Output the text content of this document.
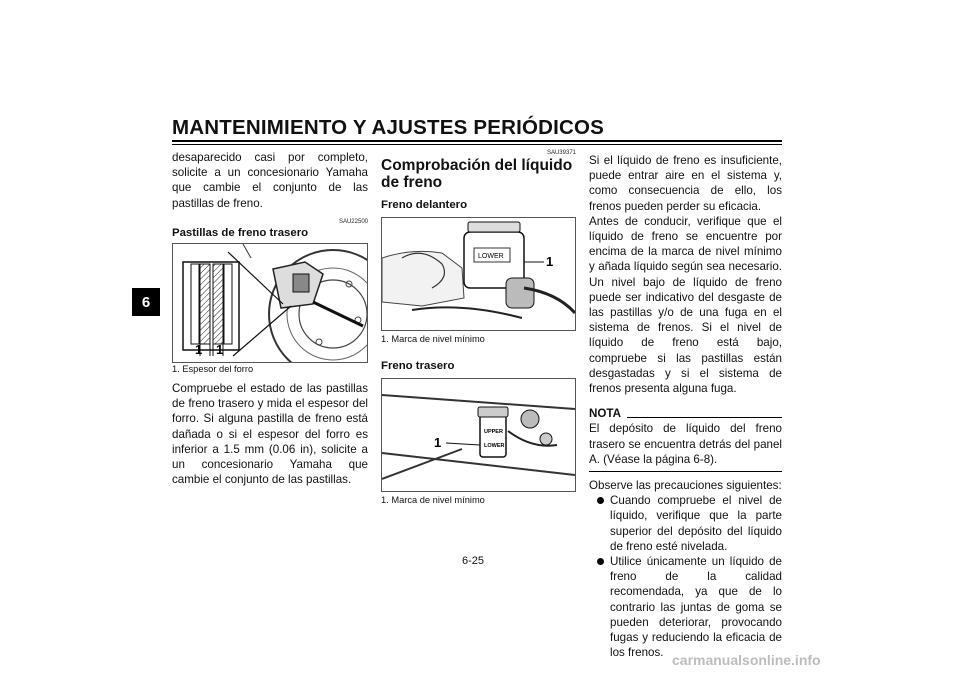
MANTENIMIENTO Y AJUSTES PERIÓDICOS
6

desaparecido casi por completo, solicite a un concesionario Yamaha que cambie el conjunto de las pastillas de freno.

SAU22500
Pastillas de freno trasero
1 1
1. Espesor del forro

Compruebe el estado de las pastillas de freno trasero y mida el espesor del forro. Si alguna pastilla de freno está dañada o si el espesor del forro es inferior a 1.5 mm (0.06 in), solicite a un concesionario Yamaha que cambie el conjunto de las pastillas.

SAU39371
Comprobación del líquido de freno
Freno delantero
LOWER	1
1. Marca de nivel mínimo
Freno trasero
UPPER
LOWER
1
1. Marca de nivel mínimo

Si el líquido de freno es insuficiente, puede entrar aire en el sistema y, como consecuencia de ello, los frenos pueden perder su eficacia.

Antes de conducir, verifique que el líquido de freno se encuentre por encima de la marca de nivel mínimo y añada líquido según sea necesario. Un nivel bajo de líquido de freno puede ser indicativo del desgaste de las pastillas y/o de una fuga en el sistema de frenos. Si el nivel de líquido de freno está bajo, compruebe si las pastillas están desgastadas y si el sistema de frenos presenta alguna fuga.

NOTA

El depósito de líquido del freno trasero se encuentra detrás del panel A. (Véase la página 6-8).

Observe las precauciones siguientes:

Cuando compruebe el nivel de líquido, verifique que la parte superior del depósito del líquido de freno esté nivelada.
Utilice únicamente un líquido de freno de la calidad recomendada, ya que de lo contrario las juntas de goma se pueden deteriorar, provocando fugas y reduciendo la eficacia de los frenos.
6-25
carmanualsonline.info
